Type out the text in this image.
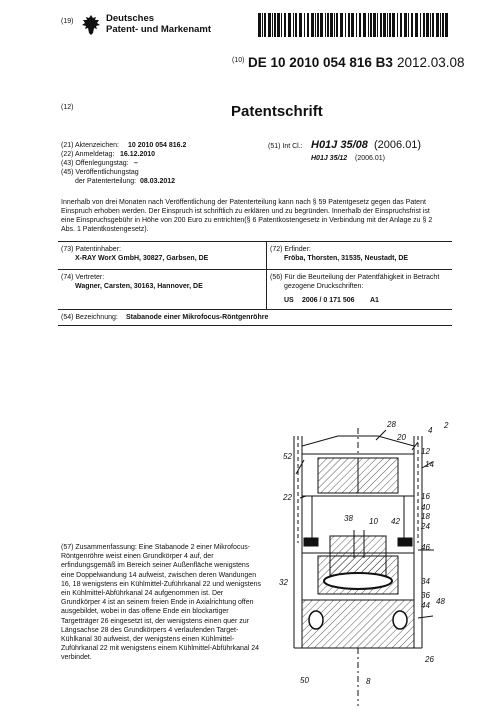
(19)	Deutsches
Patent- und Markenamt
(10) DE 10 2010 054 816 B3 2012.03.08
(12)	Patentschrift
(21) Aktenzeichen: 10 2010 054 816.2
(22) Anmeldetag: 16.12.2010
(43) Offenlegungstag: –
(45) Veröffentlichungstag
der Patenterteilung: 08.03.2012
(51) Int Cl.: H01J 35/08 (2006.01)
H01J 35/12 (2006.01)
Innerhalb von drei Monaten nach Veröffentlichung der Patenterteilung kann nach § 59 Patentgesetz gegen das Patent
Einspruch erhoben werden. Der Einspruch ist schriftlich zu erklären und zu begründen. Innerhalb der Einspruchsfrist ist
eine Einspruchsgebühr in Höhe von 200 Euro zu entrichten(§ 6 Patentkostengesetz in Verbindung mit der Anlage zu § 2
Abs. 1 Patentkostengesetz).
(73) Patentinhaber:
X-RAY WorX GmbH, 30827, Garbsen, DE
(72) Erfinder:
Fröba, Thorsten, 31535, Neustadt, DE
(74) Vertreter:
Wagner, Carsten, 30163, Hannover, DE
(56) Für die Beurteilung der Patentfähigkeit in Betracht
gezogene Druckschriften:
US 2006 / 0 171 506 A1
(54) Bezeichnung: Stabanode einer Mikrofocus-Röntgenröhre
(57) Zusammenfassung: Eine Stabanode 2 einer Mikrofocus-Röntgenröhre weist einen Grundkörper 4 auf, der erfindungsgemäß im Bereich seiner Außenfläche wenigstens eine Doppelwandung 14 aufweist, zwischen deren Wandungen 16, 18 wenigstens ein Kühlmittel-Zuführkanal 22 und wenigstens ein Kühlmittel-Abführkanal 24 aufgenommen ist. Der Grundkörper 4 ist an seinem freien Ende in Axialrichtung offen ausgebildet, wobei in das offene Ende ein blockartiger Targetträger 26 eingesetzt ist, der wenigstens einen quer zur Längsachse 28 des Grundkörpers 4 verlaufenden Target-Kühlkanal 30 aufweist, der wenigstens einen Kühlmittel-Zuführkanal 22 mit wenigstens einem Kühlmittel-Abführkanal 24 verbindet.
28	2
20
4
12
52
14
22	16
40
18
38 10 42
24
46
32	34
36
48
44
26
50	8
